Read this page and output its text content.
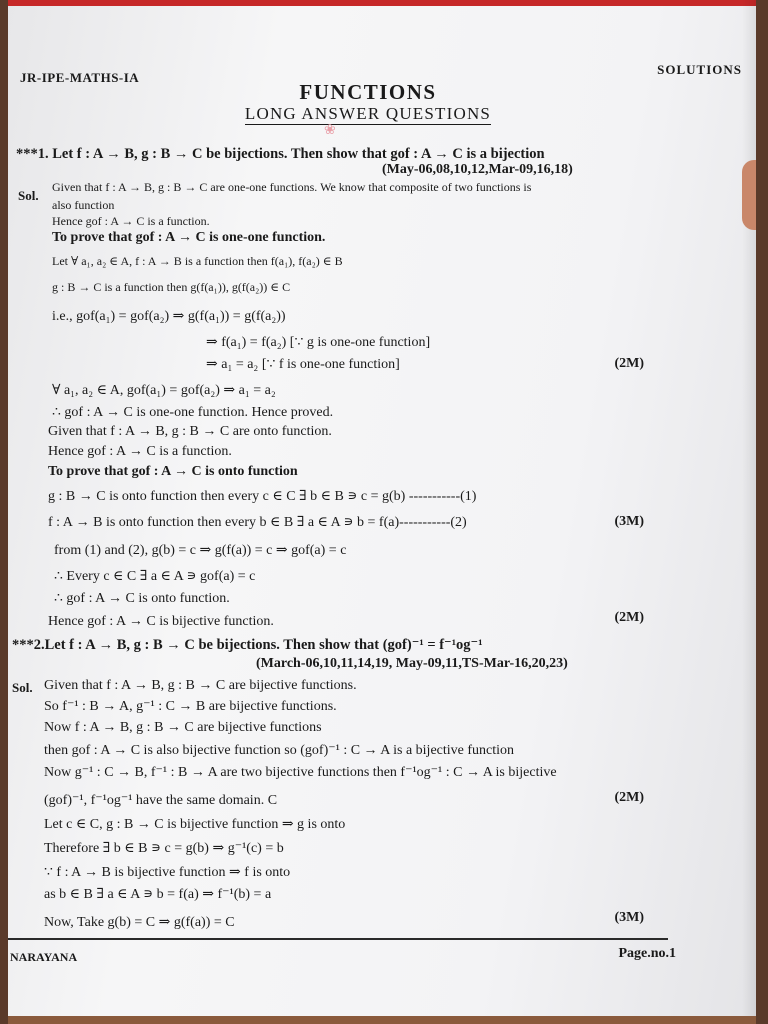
JR-IPE-MATHS-IA
SOLUTIONS
FUNCTIONS
LONG ANSWER QUESTIONS
❀
***1. Let f : A → B, g : B → C be bijections. Then show that gof : A → C is a bijection
(May-06,08,10,12,Mar-09,16,18)
Sol.
Given that f : A → B, g : B → C are one-one functions. We know that composite of two functions is
also function
Hence gof : A → C is a function.
To prove that gof : A → C is one-one function.
Let ∀ a₁, a₂ ∈ A, f : A → B is a function then f(a₁), f(a₂) ∈ B
g : B → C is a function then g(f(a₁)), g(f(a₂)) ∈ C
i.e., gof(a₁) = gof(a₂) ⇒ g(f(a₁)) = g(f(a₂))
⇒ f(a₁) = f(a₂) [∵ g is one-one function]
⇒ a₁ = a₂ [∵ f is one-one function]	(2M)
∀ a₁, a₂ ∈ A, gof(a₁) = gof(a₂) ⇒ a₁ = a₂
∴ gof : A → C is one-one function. Hence proved.
Given that f : A → B, g : B → C are onto function.
Hence gof : A → C is a function.
To prove that gof : A → C is onto function
g : B → C is onto function then every c ∈ C ∃ b ∈ B ∍ c = g(b) -----------(1)
f : A → B is onto function then every b ∈ B ∃ a ∈ A ∍ b = f(a)-----------(2)	(3M)
from (1) and (2), g(b) = c ⇒ g(f(a)) = c ⇒ gof(a) = c
∴ Every c ∈ C ∃ a ∈ A ∍ gof(a) = c
∴ gof : A → C is onto function.
Hence gof : A → C is bijective function.	(2M)
***2.Let f : A → B, g : B → C be bijections. Then show that (gof)⁻¹ = f⁻¹og⁻¹
(March-06,10,11,14,19, May-09,11,TS-Mar-16,20,23)
Sol. Given that f : A → B, g : B → C are bijective functions.
So f⁻¹ : B → A, g⁻¹ : C → B are bijective functions.
Now f : A → B, g : B → C are bijective functions
then gof : A → C is also bijective function so (gof)⁻¹ : C → A is a bijective function
Now g⁻¹ : C → B, f⁻¹ : B → A are two bijective functions then f⁻¹og⁻¹ : C → A is bijective
(gof)⁻¹, f⁻¹og⁻¹ have the same domain. C	(2M)
Let c ∈ C, g : B → C is bijective function ⇒ g is onto
Therefore ∃ b ∈ B ∍ c = g(b) ⇒ g⁻¹(c) = b
∵ f : A → B is bijective function ⇒ f is onto
as b ∈ B ∃ a ∈ A ∍ b = f(a) ⇒ f⁻¹(b) = a
Now, Take g(b) = C ⇒ g(f(a)) = C	(3M)
NARAYANA	Page.no.1
